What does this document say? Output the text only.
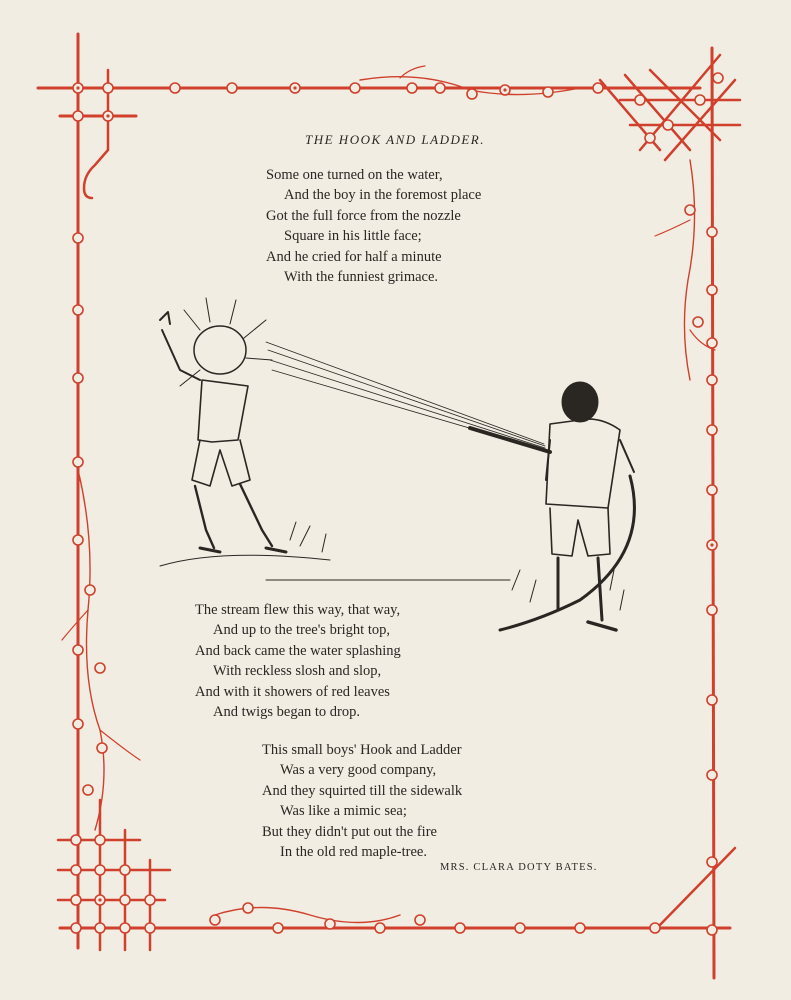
THE HOOK AND LADDER.
Some one turned on the water,
And the boy in the foremost place
Got the full force from the nozzle
Square in his little face;
And he cried for half a minute
With the funniest grimace.
The stream flew this way, that way,
And up to the tree's bright top,
And back came the water splashing
With reckless slosh and slop,
And with it showers of red leaves
And twigs began to drop.
This small boys' Hook and Ladder
Was a very good company,
And they squirted till the sidewalk
Was like a mimic sea;
But they didn't put out the fire
In the old red maple-tree.
MRS. CLARA DOTY BATES.
